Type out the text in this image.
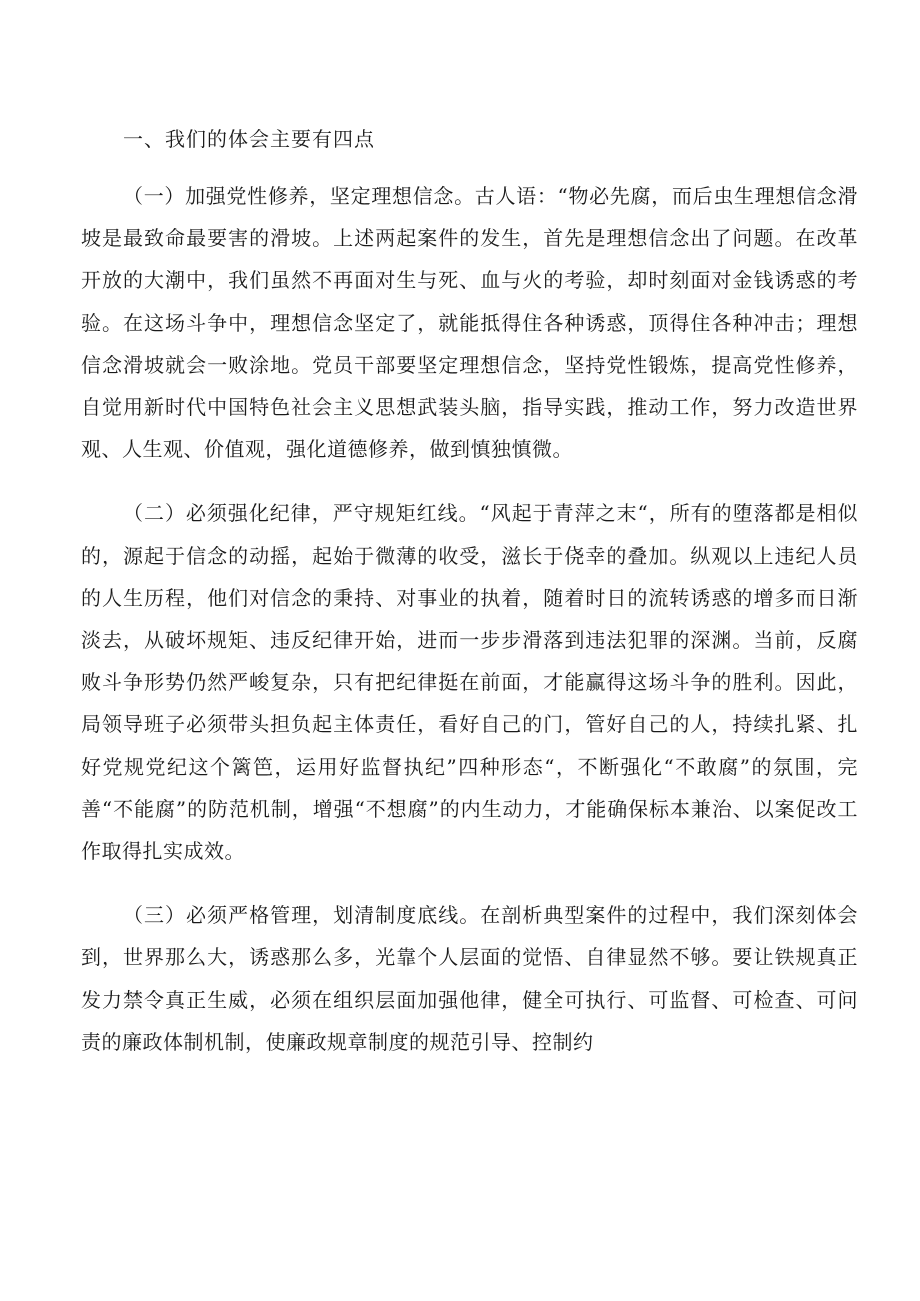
一、我们的体会主要有四点

（一）加强党性修养，坚定理想信念。古人语：“物必先腐，而后虫生理想信念滑坡是最致命最要害的滑坡。上述两起案件的发生，首先是理想信念出了问题。在改革开放的大潮中，我们虽然不再面对生与死、血与火的考验，却时刻面对金钱诱惑的考验。在这场斗争中，理想信念坚定了，就能抵得住各种诱惑，顶得住各种冲击；理想信念滑坡就会一败涂地。党员干部要坚定理想信念，坚持党性锻炼，提高党性修养，自觉用新时代中国特色社会主义思想武装头脑，指导实践，推动工作，努力改造世界观、人生观、价值观，强化道德修养，做到慎独慎微。

（二）必须强化纪律，严守规矩红线。“风起于青萍之末“，所有的堕落都是相似的，源起于信念的动摇，起始于微薄的收受，滋长于侥幸的叠加。纵观以上违纪人员的人生历程，他们对信念的秉持、对事业的执着，随着时日的流转诱惑的增多而日渐淡去，从破坏规矩、违反纪律开始，进而一步步滑落到违法犯罪的深渊。当前，反腐败斗争形势仍然严峻复杂，只有把纪律挺在前面，才能赢得这场斗争的胜利。因此，局领导班子必须带头担负起主体责任，看好自己的门，管好自己的人，持续扎紧、扎好党规党纪这个篱笆，运用好监督执纪”四种形态“，不断强化“不敢腐”的氛围，完善“不能腐”的防范机制，增强“不想腐”的内生动力，才能确保标本兼治、以案促改工作取得扎实成效。

（三）必须严格管理，划清制度底线。在剖析典型案件的过程中，我们深刻体会到，世界那么大，诱惑那么多，光靠个人层面的觉悟、自律显然不够。要让铁规真正发力禁令真正生威，必须在组织层面加强他律，健全可执行、可监督、可检查、可问责的廉政体制机制，使廉政规章制度的规范引导、控制约
